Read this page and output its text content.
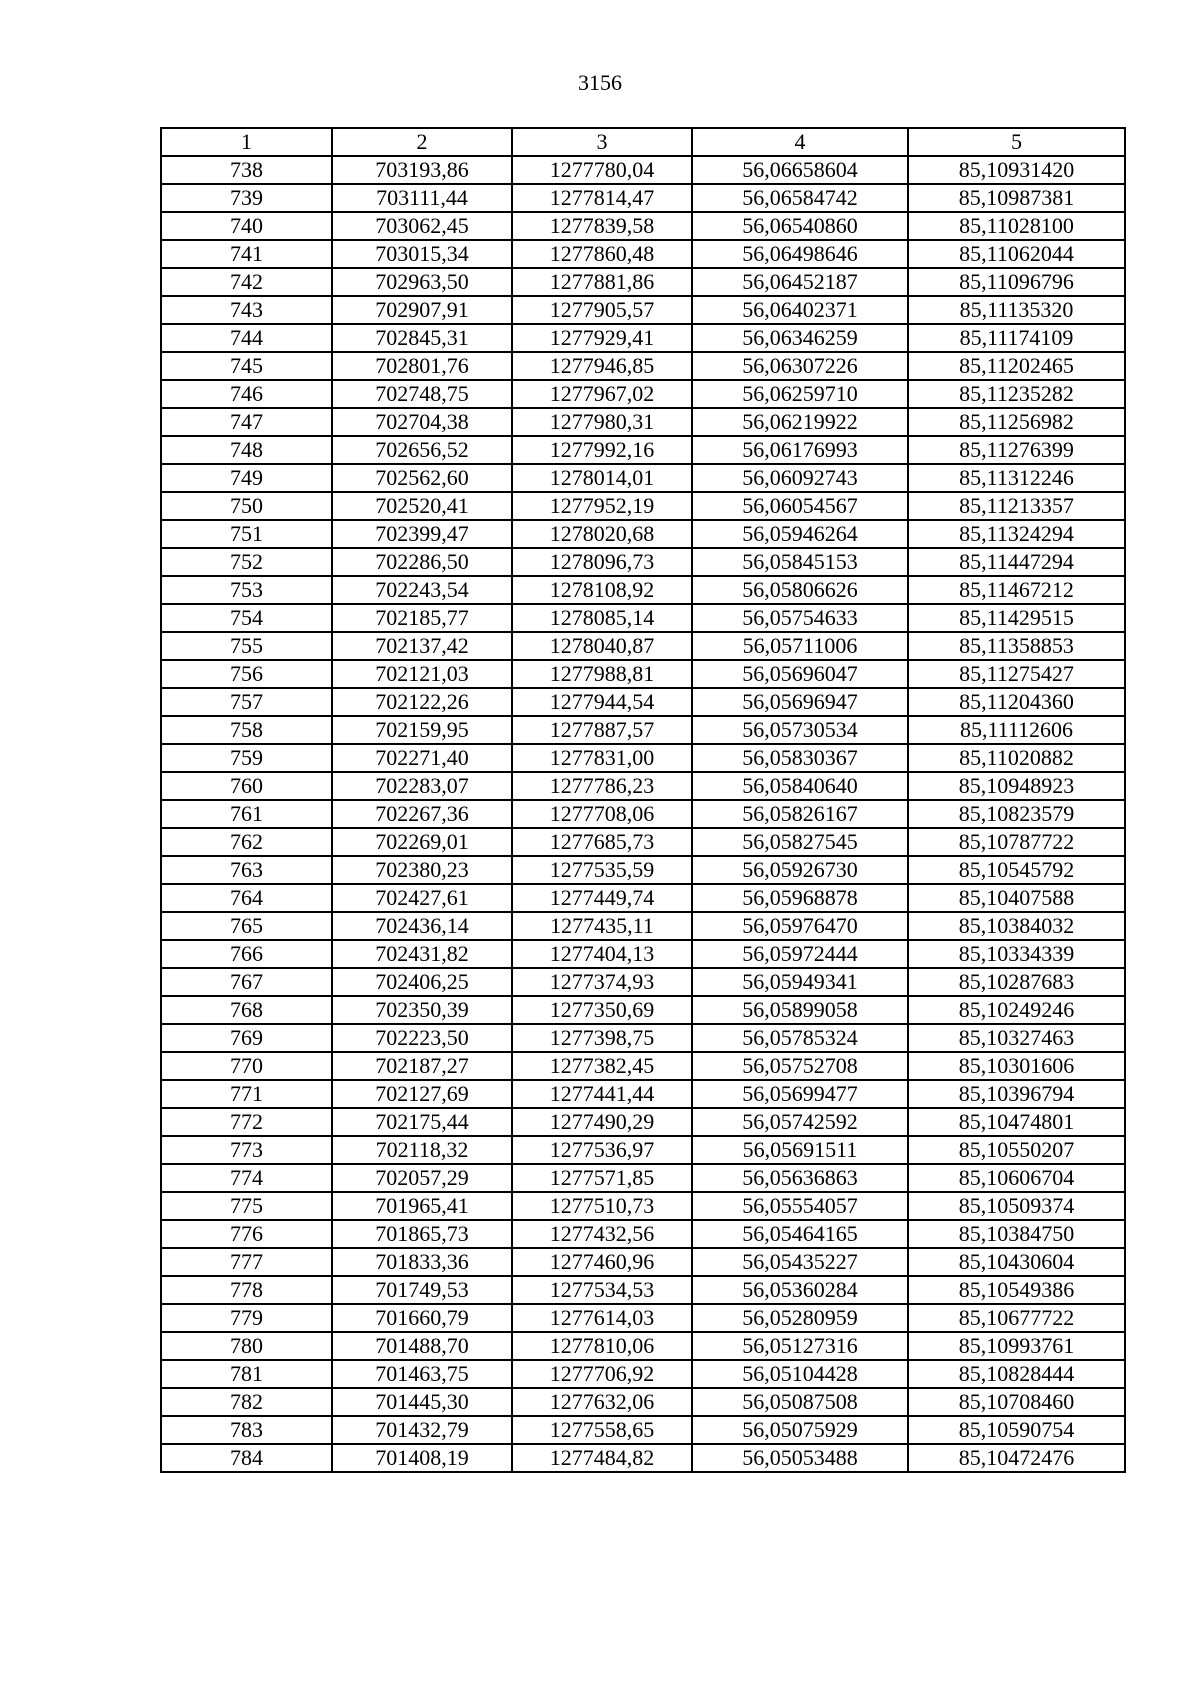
3156
1	2	3	4	5
738	703193,86	1277780,04	56,06658604	85,10931420
739	703111,44	1277814,47	56,06584742	85,10987381
740	703062,45	1277839,58	56,06540860	85,11028100
741	703015,34	1277860,48	56,06498646	85,11062044
742	702963,50	1277881,86	56,06452187	85,11096796
743	702907,91	1277905,57	56,06402371	85,11135320
744	702845,31	1277929,41	56,06346259	85,11174109
745	702801,76	1277946,85	56,06307226	85,11202465
746	702748,75	1277967,02	56,06259710	85,11235282
747	702704,38	1277980,31	56,06219922	85,11256982
748	702656,52	1277992,16	56,06176993	85,11276399
749	702562,60	1278014,01	56,06092743	85,11312246
750	702520,41	1277952,19	56,06054567	85,11213357
751	702399,47	1278020,68	56,05946264	85,11324294
752	702286,50	1278096,73	56,05845153	85,11447294
753	702243,54	1278108,92	56,05806626	85,11467212
754	702185,77	1278085,14	56,05754633	85,11429515
755	702137,42	1278040,87	56,05711006	85,11358853
756	702121,03	1277988,81	56,05696047	85,11275427
757	702122,26	1277944,54	56,05696947	85,11204360
758	702159,95	1277887,57	56,05730534	85,11112606
759	702271,40	1277831,00	56,05830367	85,11020882
760	702283,07	1277786,23	56,05840640	85,10948923
761	702267,36	1277708,06	56,05826167	85,10823579
762	702269,01	1277685,73	56,05827545	85,10787722
763	702380,23	1277535,59	56,05926730	85,10545792
764	702427,61	1277449,74	56,05968878	85,10407588
765	702436,14	1277435,11	56,05976470	85,10384032
766	702431,82	1277404,13	56,05972444	85,10334339
767	702406,25	1277374,93	56,05949341	85,10287683
768	702350,39	1277350,69	56,05899058	85,10249246
769	702223,50	1277398,75	56,05785324	85,10327463
770	702187,27	1277382,45	56,05752708	85,10301606
771	702127,69	1277441,44	56,05699477	85,10396794
772	702175,44	1277490,29	56,05742592	85,10474801
773	702118,32	1277536,97	56,05691511	85,10550207
774	702057,29	1277571,85	56,05636863	85,10606704
775	701965,41	1277510,73	56,05554057	85,10509374
776	701865,73	1277432,56	56,05464165	85,10384750
777	701833,36	1277460,96	56,05435227	85,10430604
778	701749,53	1277534,53	56,05360284	85,10549386
779	701660,79	1277614,03	56,05280959	85,10677722
780	701488,70	1277810,06	56,05127316	85,10993761
781	701463,75	1277706,92	56,05104428	85,10828444
782	701445,30	1277632,06	56,05087508	85,10708460
783	701432,79	1277558,65	56,05075929	85,10590754
784	701408,19	1277484,82	56,05053488	85,10472476
